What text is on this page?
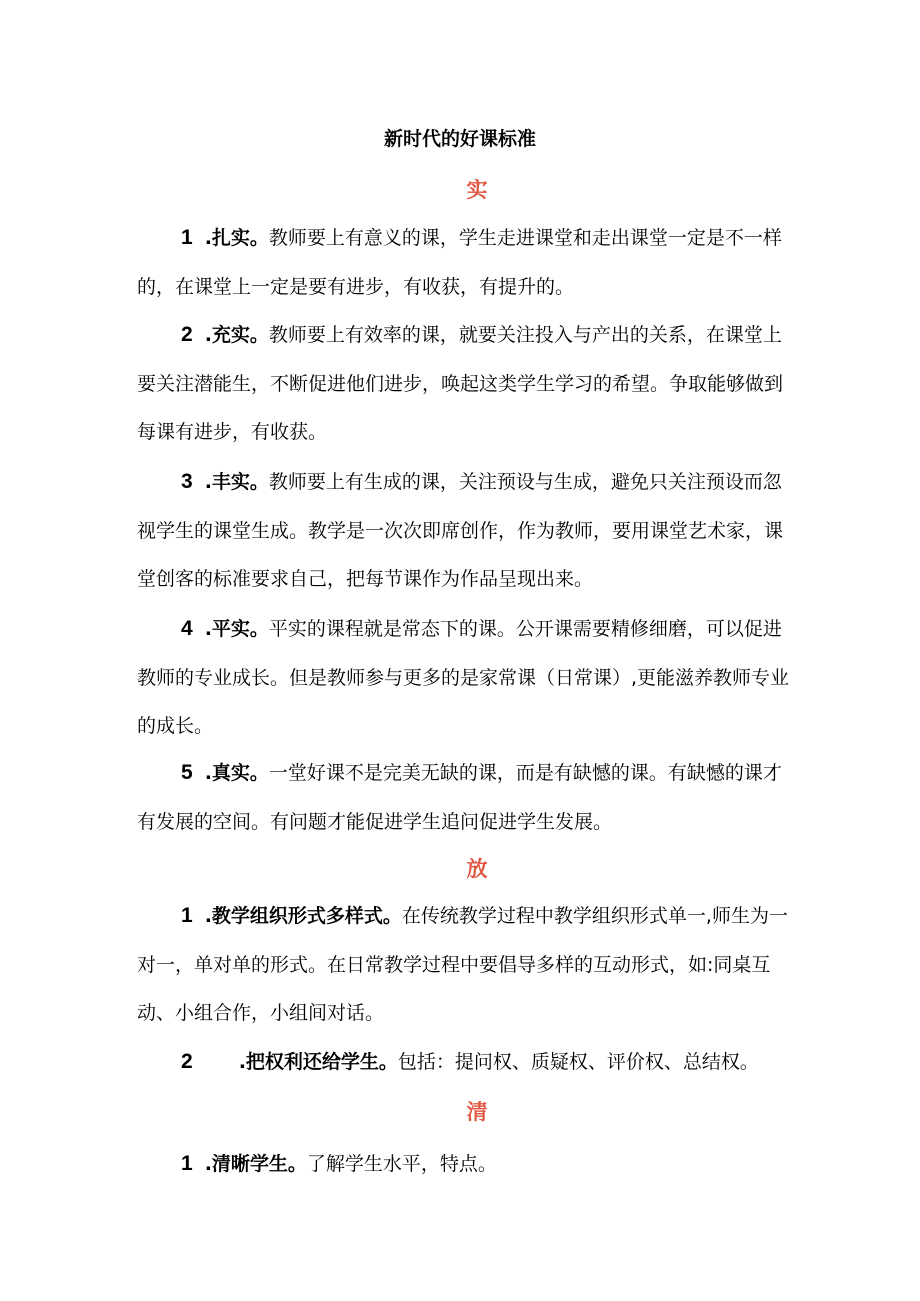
新时代的好课标准
实
1 .扎实。教师要上有意义的课，学生走进课堂和走出课堂一定是不一样的，在课堂上一定是要有进步，有收获，有提升的。
2 .充实。教师要上有效率的课，就要关注投入与产出的关系，在课堂上要关注潜能生，不断促进他们进步，唤起这类学生学习的希望。争取能够做到每课有进步，有收获。
3 .丰实。教师要上有生成的课，关注预设与生成，避免只关注预设而忽视学生的课堂生成。教学是一次次即席创作，作为教师，要用课堂艺术家，课堂创客的标准要求自己，把每节课作为作品呈现出来。
4 .平实。平实的课程就是常态下的课。公开课需要精修细磨，可以促进教师的专业成长。但是教师参与更多的是家常课（日常课）,更能滋养教师专业的成长。
5 .真实。一堂好课不是完美无缺的课，而是有缺憾的课。有缺憾的课才有发展的空间。有问题才能促进学生追问促进学生发展。
放
1 .教学组织形式多样式。在传统教学过程中教学组织形式单一,师生为一对一，单对单的形式。在日常教学过程中要倡导多样的互动形式，如:同桌互动、小组合作，小组间对话。
2 .把权利还给学生。包括：提问权、质疑权、评价权、总结权。
清
1 .清晰学生。了解学生水平，特点。
